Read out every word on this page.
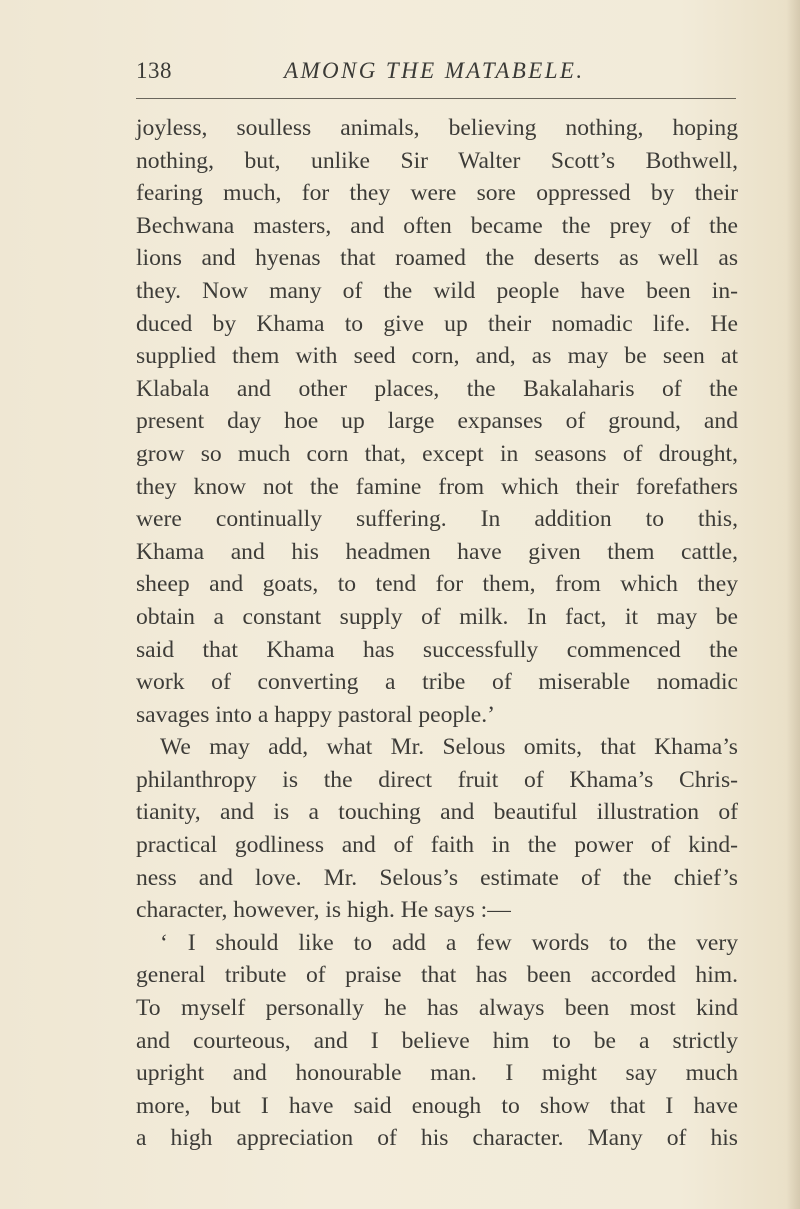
138	AMONG THE MATABELE.
joyless, soulless animals, believing nothing, hoping
nothing, but, unlike Sir Walter Scott’s Bothwell,
fearing much, for they were sore oppressed by their
Bechwana masters, and often became the prey of the
lions and hyenas that roamed the deserts as well as
they. Now many of the wild people have been in-
duced by Khama to give up their nomadic life. He
supplied them with seed corn, and, as may be seen at
Klabala and other places, the Bakalaharis of the
present day hoe up large expanses of ground, and
grow so much corn that, except in seasons of drought,
they know not the famine from which their forefathers
were continually suffering. In addition to this,
Khama and his headmen have given them cattle,
sheep and goats, to tend for them, from which they
obtain a constant supply of milk. In fact, it may be
said that Khama has successfully commenced the
work of converting a tribe of miserable nomadic
savages into a happy pastoral people.’
We may add, what Mr. Selous omits, that Khama’s
philanthropy is the direct fruit of Khama’s Chris-
tianity, and is a touching and beautiful illustration of
practical godliness and of faith in the power of kind-
ness and love. Mr. Selous’s estimate of the chief’s
character, however, is high. He says :—
‘ I should like to add a few words to the very
general tribute of praise that has been accorded him.
To myself personally he has always been most kind
and courteous, and I believe him to be a strictly
upright and honourable man. I might say much
more, but I have said enough to show that I have
a high appreciation of his character. Many of his
